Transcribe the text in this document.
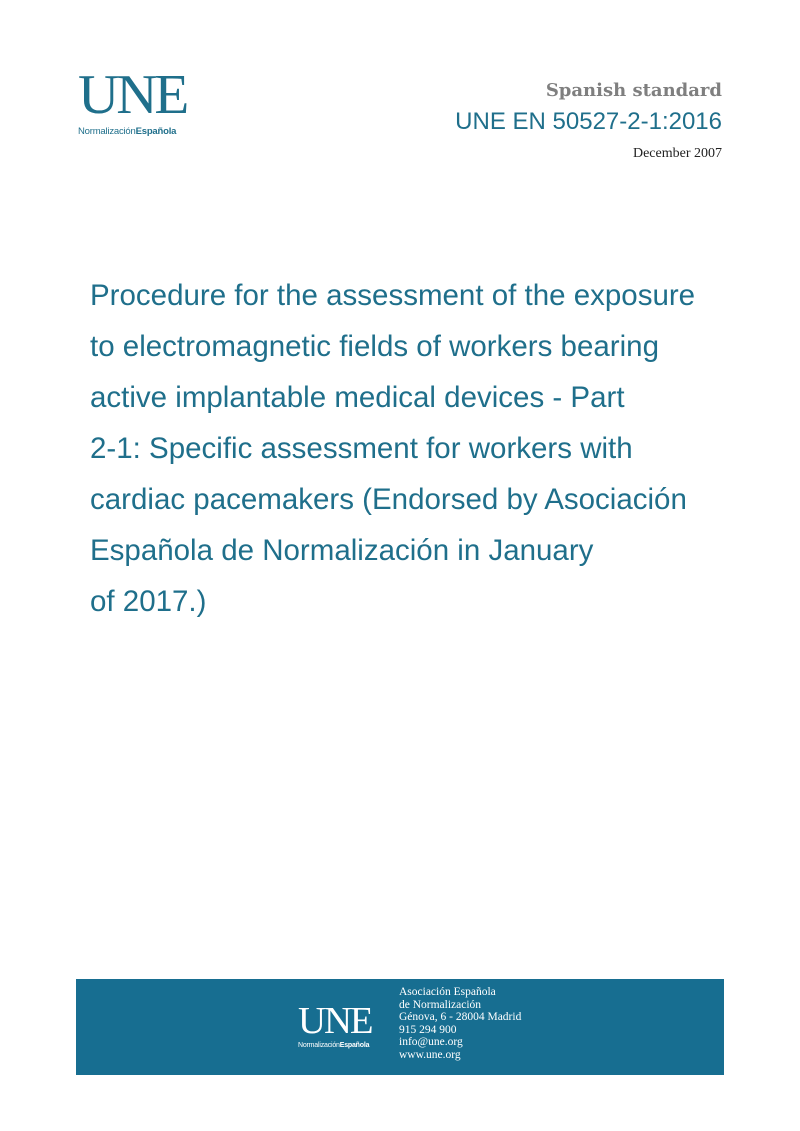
UNE
NormalizaciónEspañola
Spanish standard
UNE EN 50527-2-1:2016
December 2007
Procedure for the assessment of the exposure
to electromagnetic fields of workers bearing
active implantable medical devices - Part
2-1: Specific assessment for workers with
cardiac pacemakers (Endorsed by Asociación
Española de Normalización in January
of 2017.)
UNE
NormalizaciónEspañola
Asociación Española
de Normalización
Génova, 6 - 28004 Madrid
915 294 900
info@une.org
www.une.org
